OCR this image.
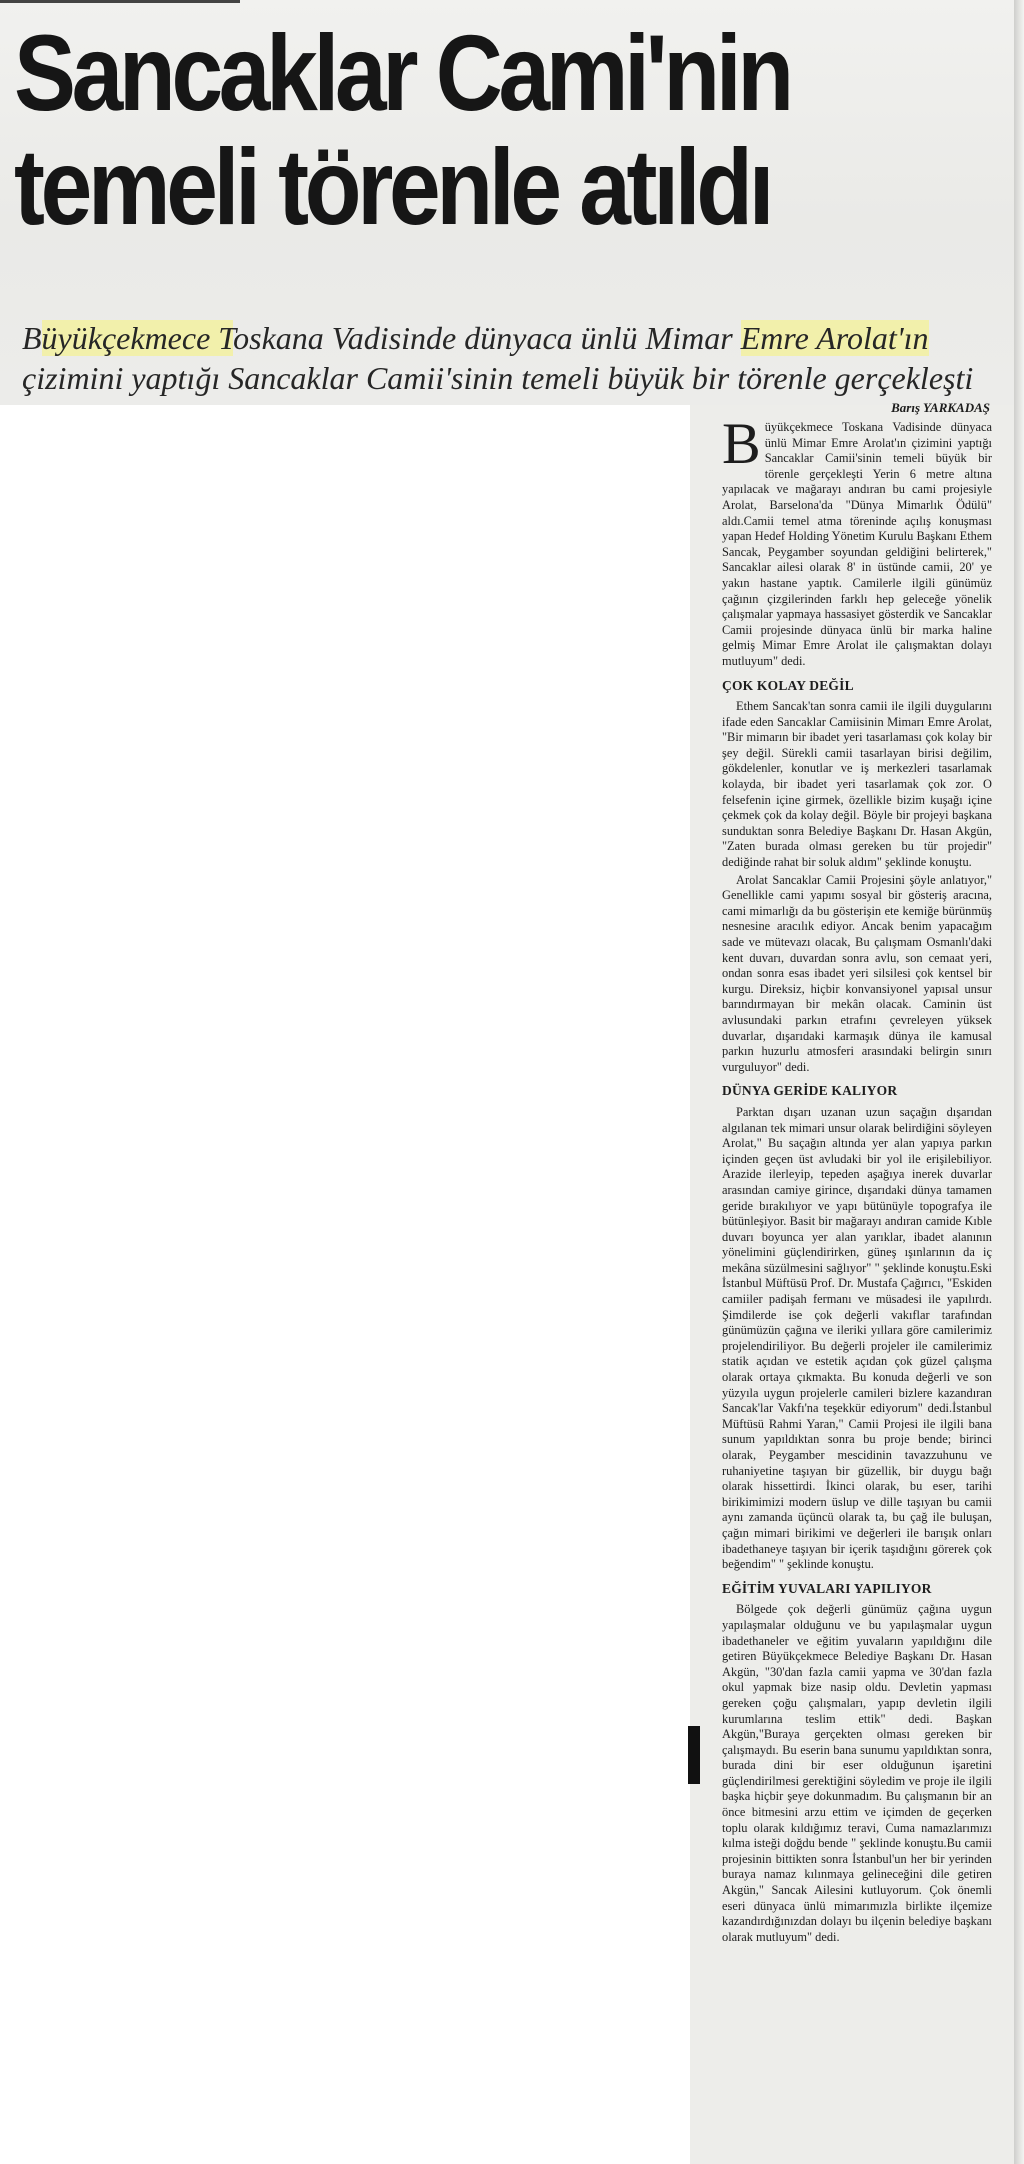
Sancaklar Cami'nin
temeli törenle atıldı

Büyükçekmece Toskana Vadisinde dünyaca ünlü Mimar Emre Arolat'ın çizimini yaptığı Sancaklar Camii'sinin temeli büyük bir törenle gerçekleşti

Barış YARKADAŞ

Büyükçekmece Toskana Vadisinde dünyaca ünlü Mimar Emre Arolat'ın çizimini yaptığı Sancaklar Camii'sinin temeli büyük bir törenle gerçekleşti Yerin 6 metre altına yapılacak ve mağarayı andıran bu cami projesiyle Arolat, Barselona'da "Dünya Mimarlık Ödülü" aldı.Camii temel atma töreninde açılış konuşması yapan Hedef Holding Yönetim Kurulu Başkanı Ethem Sancak, Peygamber soyundan geldiğini belirterek," Sancaklar ailesi olarak 8' in üstünde camii, 20' ye yakın hastane yaptık. Camilerle ilgili günümüz çağının çizgilerinden farklı hep geleceğe yönelik çalışmalar yapmaya hassasiyet gösterdik ve Sancaklar Camii projesinde dünyaca ünlü bir marka haline gelmiş Mimar Emre Arolat ile çalışmaktan dolayı mutluyum" dedi.

ÇOK KOLAY DEĞİL

Ethem Sancak'tan sonra camii ile ilgili duygularını ifade eden Sancaklar Camiisinin Mimarı Emre Arolat, "Bir mimarın bir ibadet yeri tasarlaması çok kolay bir şey değil. Sürekli camii tasarlayan birisi değilim, gökdelenler, konutlar ve iş merkezleri tasarlamak kolayda, bir ibadet yeri tasarlamak çok zor. O felsefenin içine girmek, özellikle bizim kuşağı içine çekmek çok da kolay değil. Böyle bir projeyi başkana sunduktan sonra Belediye Başkanı Dr. Hasan Akgün, "Zaten burada olması gereken bu tür projedir" dediğinde rahat bir soluk aldım" şeklinde konuştu.

Arolat Sancaklar Camii Projesini şöyle anlatıyor," Genellikle cami yapımı sosyal bir gösteriş aracına, cami mimarlığı da bu gösterişin ete kemiğe bürünmüş nesnesine aracılık ediyor. Ancak benim yapacağım sade ve mütevazı olacak, Bu çalışmam Osmanlı'daki kent duvarı, duvardan sonra avlu, son cemaat yeri, ondan sonra esas ibadet yeri silsilesi çok kentsel bir kurgu. Direksiz, hiçbir konvansiyonel yapısal unsur barındırmayan bir mekân olacak. Caminin üst avlusundaki parkın etrafını çevreleyen yüksek duvarlar, dışarıdaki karmaşık dünya ile kamusal parkın huzurlu atmosferi arasındaki belirgin sınırı vurguluyor" dedi.

DÜNYA GERİDE KALIYOR

Parktan dışarı uzanan uzun saçağın dışarıdan algılanan tek mimari unsur olarak belirdiğini söyleyen Arolat," Bu saçağın altında yer alan yapıya parkın içinden geçen üst avludaki bir yol ile erişilebiliyor. Arazide ilerleyip, tepeden aşağıya inerek duvarlar arasından camiye girince, dışarıdaki dünya tamamen geride bırakılıyor ve yapı bütünüyle topografya ile bütünleşiyor. Basit bir mağarayı andıran camide Kıble duvarı boyunca yer alan yarıklar, ibadet alanının yönelimini güçlendirirken, güneş ışınlarının da iç mekâna süzülmesini sağlıyor" " şeklinde konuştu.Eski İstanbul Müftüsü Prof. Dr. Mustafa Çağırıcı, "Eskiden camiiler padişah fermanı ve müsadesi ile yapılırdı. Şimdilerde ise çok değerli vakıflar tarafından günümüzün çağına ve ileriki yıllara göre camilerimiz projelendiriliyor. Bu değerli projeler ile camilerimiz statik açıdan ve estetik açıdan çok güzel çalışma olarak ortaya çıkmakta. Bu konuda değerli ve son yüzyıla uygun projelerle camileri bizlere kazandıran Sancak'lar Vakfı'na teşekkür ediyorum" dedi.İstanbul Müftüsü Rahmi Yaran," Camii Projesi ile ilgili bana sunum yapıldıktan sonra bu proje bende; birinci olarak, Peygamber mescidinin tavazzuhunu ve ruhaniyetine taşıyan bir güzellik, bir duygu bağı olarak hissettirdi. İkinci olarak, bu eser, tarihi birikimimizi modern üslup ve dille taşıyan bu camii aynı zamanda üçüncü olarak ta, bu çağ ile buluşan, çağın mimari birikimi ve değerleri ile barışık onları ibadethaneye taşıyan bir içerik taşıdığını görerek çok beğendim" " şeklinde konuştu.

EĞİTİM YUVALARI YAPILIYOR

Bölgede çok değerli günümüz çağına uygun yapılaşmalar olduğunu ve bu yapılaşmalar uygun ibadethaneler ve eğitim yuvaların yapıldığını dile getiren Büyükçekmece Belediye Başkanı Dr. Hasan Akgün, "30'dan fazla camii yapma ve 30'dan fazla okul yapmak bize nasip oldu. Devletin yapması gereken çoğu çalışmaları, yapıp devletin ilgili kurumlarına teslim ettik" dedi. Başkan Akgün,"Buraya gerçekten olması gereken bir çalışmaydı. Bu eserin bana sunumu yapıldıktan sonra, burada dini bir eser olduğunun işaretini güçlendirilmesi gerektiğini söyledim ve proje ile ilgili başka hiçbir şeye dokunmadım. Bu çalışmanın bir an önce bitmesini arzu ettim ve içimden de geçerken toplu olarak kıldığımız teravi, Cuma namazlarımızı kılma isteği doğdu bende " şeklinde konuştu.Bu camii projesinin bittikten sonra İstanbul'un her bir yerinden buraya namaz kılınmaya gelineceğini dile getiren Akgün," Sancak Ailesini kutluyorum. Çok önemli eseri dünyaca ünlü mimarımızla birlikte ilçemize kazandırdığınızdan dolayı bu ilçenin belediye başkanı olarak mutluyum" dedi.
